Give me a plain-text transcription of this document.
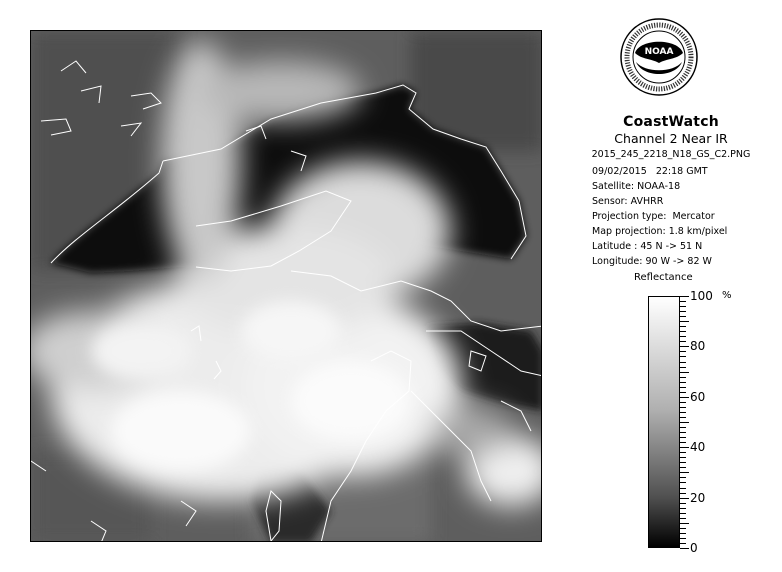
NOAA
CoastWatch
Channel 2 Near IR
2015_245_2218_N18_GS_C2.PNG
09/02/2015   22:18 GMT
Satellite: NOAA-18
Sensor: AVHRR
Projection type:  Mercator
Map projection: 1.8 km/pixel
Latitude : 45 N -> 51 N
Longitude: 90 W -> 82 W
Reflectance
%
100
80
60
40
20
0
